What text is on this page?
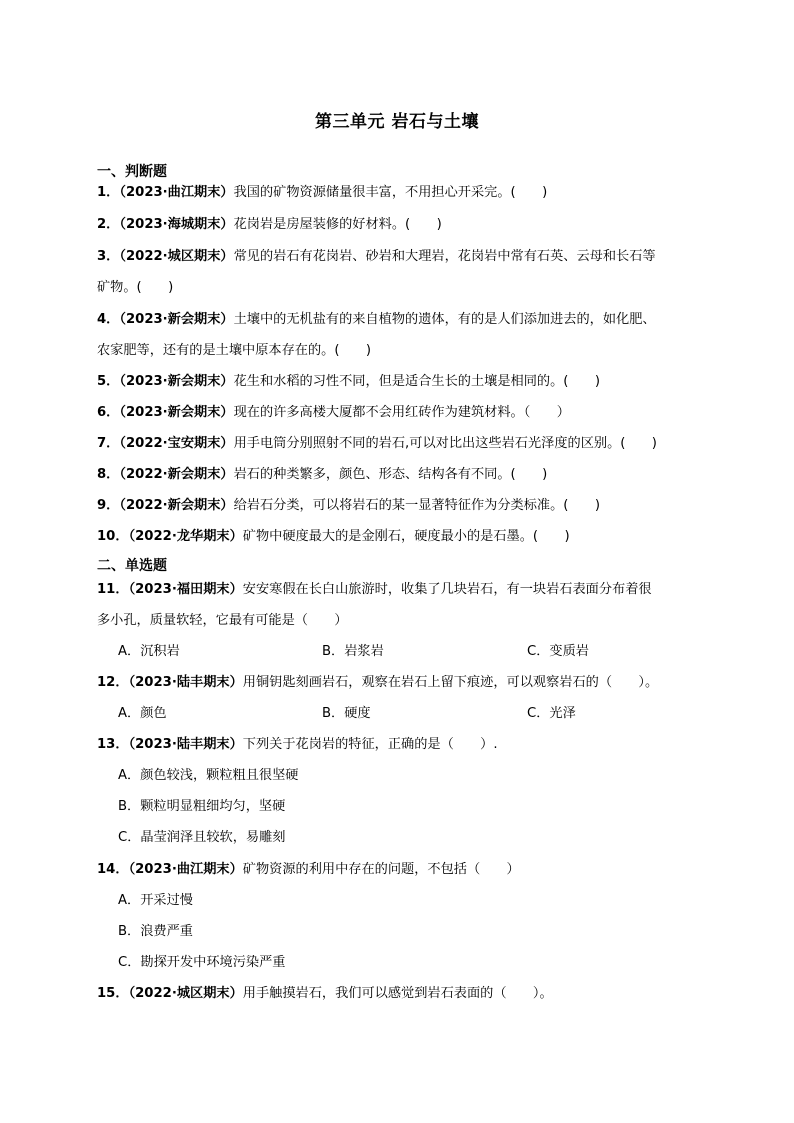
第三单元 岩石与土壤
一、判断题
1．（2023·曲江期末）我国的矿物资源储量很丰富，不用担心开采完。(　　)
2．（2023·海城期末）花岗岩是房屋装修的好材料。(　　)
3．（2022·城区期末）常见的岩石有花岗岩、砂岩和大理岩，花岗岩中常有石英、云母和长石等
矿物。(　　)
4．（2023·新会期末）土壤中的无机盐有的来自植物的遗体，有的是人们添加进去的，如化肥、
农家肥等，还有的是土壤中原本存在的。(　　)
5．（2023·新会期末）花生和水稻的习性不同，但是适合生长的土壤是相同的。(　　)
6．（2023·新会期末）现在的许多高楼大厦都不会用红砖作为建筑材料。（　　）
7．（2022·宝安期末）用手电筒分别照射不同的岩石,可以对比出这些岩石光泽度的区别。(　　)
8．（2022·新会期末）岩石的种类繁多，颜色、形态、结构各有不同。(　　)
9．（2022·新会期末）给岩石分类，可以将岩石的某一显著特征作为分类标准。(　　)
10．（2022·龙华期末）矿物中硬度最大的是金刚石，硬度最小的是石墨。(　　)
二、单选题
11．（2023·福田期末）安安寒假在长白山旅游时，收集了几块岩石，有一块岩石表面分布着很
多小孔，质量软轻，它最有可能是（　　）
A．沉积岩	B．岩浆岩	C．变质岩
12．（2023·陆丰期末）用铜钥匙刻画岩石，观察在岩石上留下痕迹，可以观察岩石的（　　）。
A．颜色	B．硬度	C．光泽
13．（2023·陆丰期末）下列关于花岗岩的特征，正确的是（　　）.
A．颜色较浅，颗粒粗且很坚硬
B．颗粒明显粗细均匀，坚硬
C．晶莹润泽且较软，易雕刻
14．（2023·曲江期末）矿物资源的利用中存在的问题，不包括（　　）
A．开采过慢
B．浪费严重
C．勘探开发中环境污染严重
15．（2022·城区期末）用手触摸岩石，我们可以感觉到岩石表面的（　　）。
